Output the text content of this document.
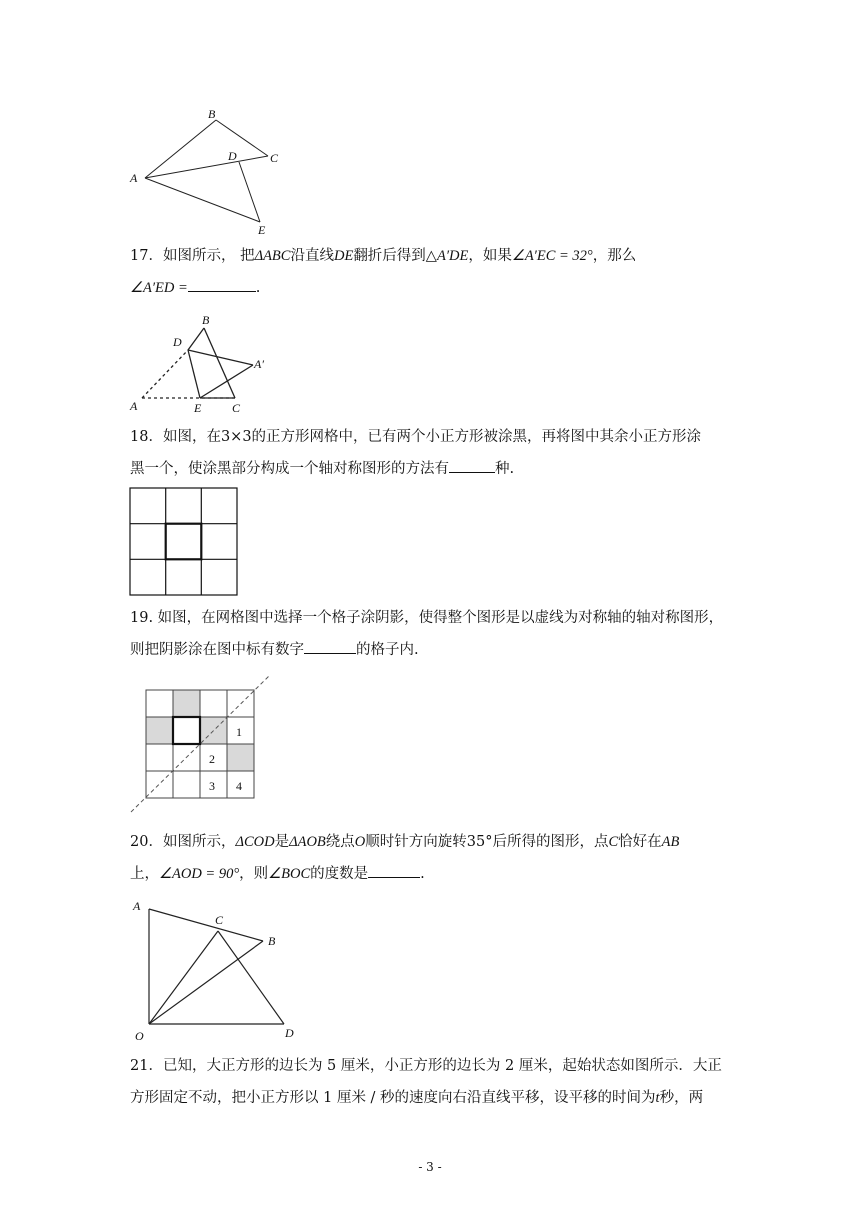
B
D	C
A
E

17．如图所示， 把ΔABC沿直线DE翻折后得到△A′DE，如果∠A′EC = 32°，那么

∠A′ED =	.

B
D
A′
A	E	C

18．如图，在3×3的正方形网格中，已有两个小正方形被涂黑，再将图中其余小正方形涂

黑一个，使涂黑部分构成一个轴对称图形的方法有	种.

19. 如图，在网格图中选择一个格子涂阴影，使得整个图形是以虚线为对称轴的轴对称图形，

则把阴影涂在图中标有数字	的格子内.

1
2
3 4

20．如图所示，ΔCOD是ΔAOB绕点O顺时针方向旋转35°后所得的图形，点C恰好在AB

上，∠AOD = 90°，则∠BOC的度数是	.

A
C
B
O	D

21．已知，大正方形的边长为 5 厘米，小正方形的边长为 2 厘米，起始状态如图所示．大正

方形固定不动，把小正方形以 1 厘米 / 秒的速度向右沿直线平移，设平移的时间为t秒，两

- 3 -
